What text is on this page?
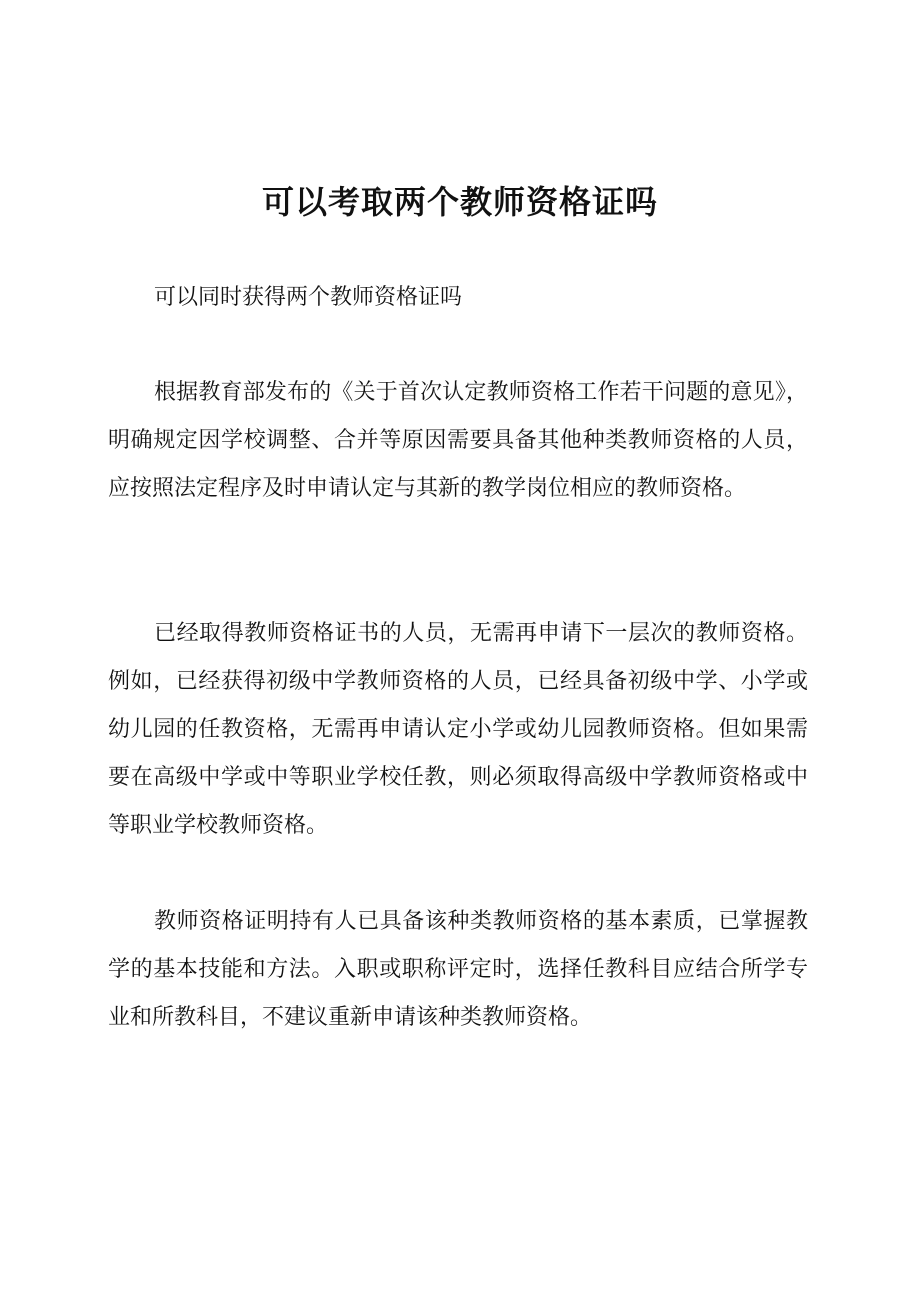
可以考取两个教师资格证吗

可以同时获得两个教师资格证吗

根据教育部发布的《关于首次认定教师资格工作若干问题的意见》，明确规定因学校调整、合并等原因需要具备其他种类教师资格的人员，应按照法定程序及时申请认定与其新的教学岗位相应的教师资格。

已经取得教师资格证书的人员，无需再申请下一层次的教师资格。例如，已经获得初级中学教师资格的人员，已经具备初级中学、小学或幼儿园的任教资格，无需再申请认定小学或幼儿园教师资格。但如果需要在高级中学或中等职业学校任教，则必须取得高级中学教师资格或中等职业学校教师资格。

教师资格证明持有人已具备该种类教师资格的基本素质，已掌握教学的基本技能和方法。入职或职称评定时，选择任教科目应结合所学专业和所教科目，不建议重新申请该种类教师资格。
